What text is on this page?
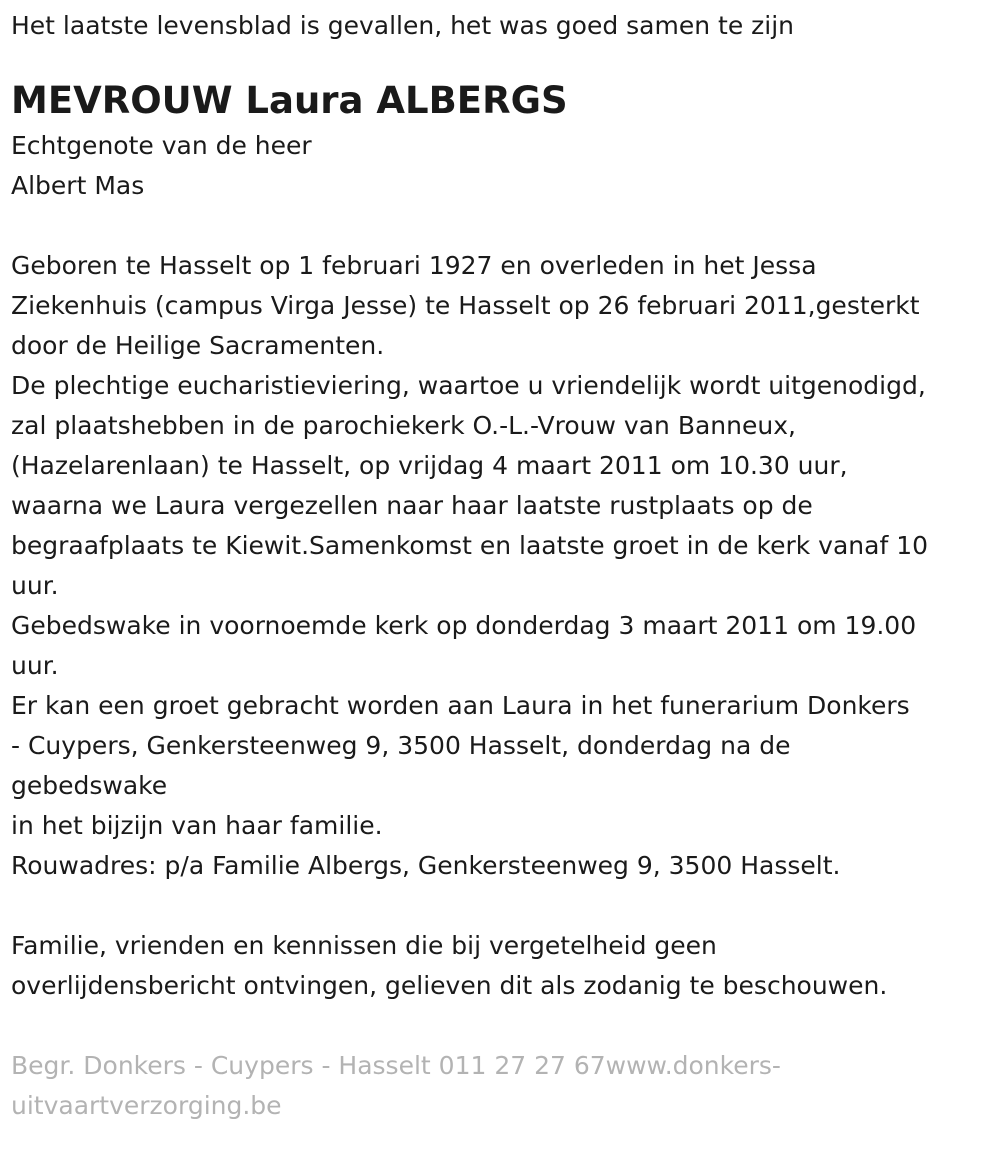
Het laatste levensblad is gevallen, het was goed samen te zijn

MEVROUW Laura ALBERGS

Echtgenote van de heer

Albert Mas

Geboren te Hasselt op 1 februari 1927 en overleden in het Jessa

Ziekenhuis (campus Virga Jesse) te Hasselt op 26 februari 2011,gesterkt

door de Heilige Sacramenten.

De plechtige eucharistieviering, waartoe u vriendelijk wordt uitgenodigd,

zal plaatshebben in de parochiekerk O.-L.-Vrouw van Banneux,

(Hazelarenlaan) te Hasselt, op vrijdag 4 maart 2011 om 10.30 uur,

waarna we Laura vergezellen naar haar laatste rustplaats op de

begraafplaats te Kiewit.Samenkomst en laatste groet in de kerk vanaf 10

uur.

Gebedswake in voornoemde kerk op donderdag 3 maart 2011 om 19.00

uur.

Er kan een groet gebracht worden aan Laura in het funerarium Donkers

- Cuypers, Genkersteenweg 9, 3500 Hasselt, donderdag na de

gebedswake

in het bijzijn van haar familie.

Rouwadres: p/a Familie Albergs, Genkersteenweg 9, 3500 Hasselt.

Familie, vrienden en kennissen die bij vergetelheid geen

overlijdensbericht ontvingen, gelieven dit als zodanig te beschouwen.

Begr. Donkers - Cuypers - Hasselt 011 27 27 67www.donkers-

uitvaartverzorging.be
